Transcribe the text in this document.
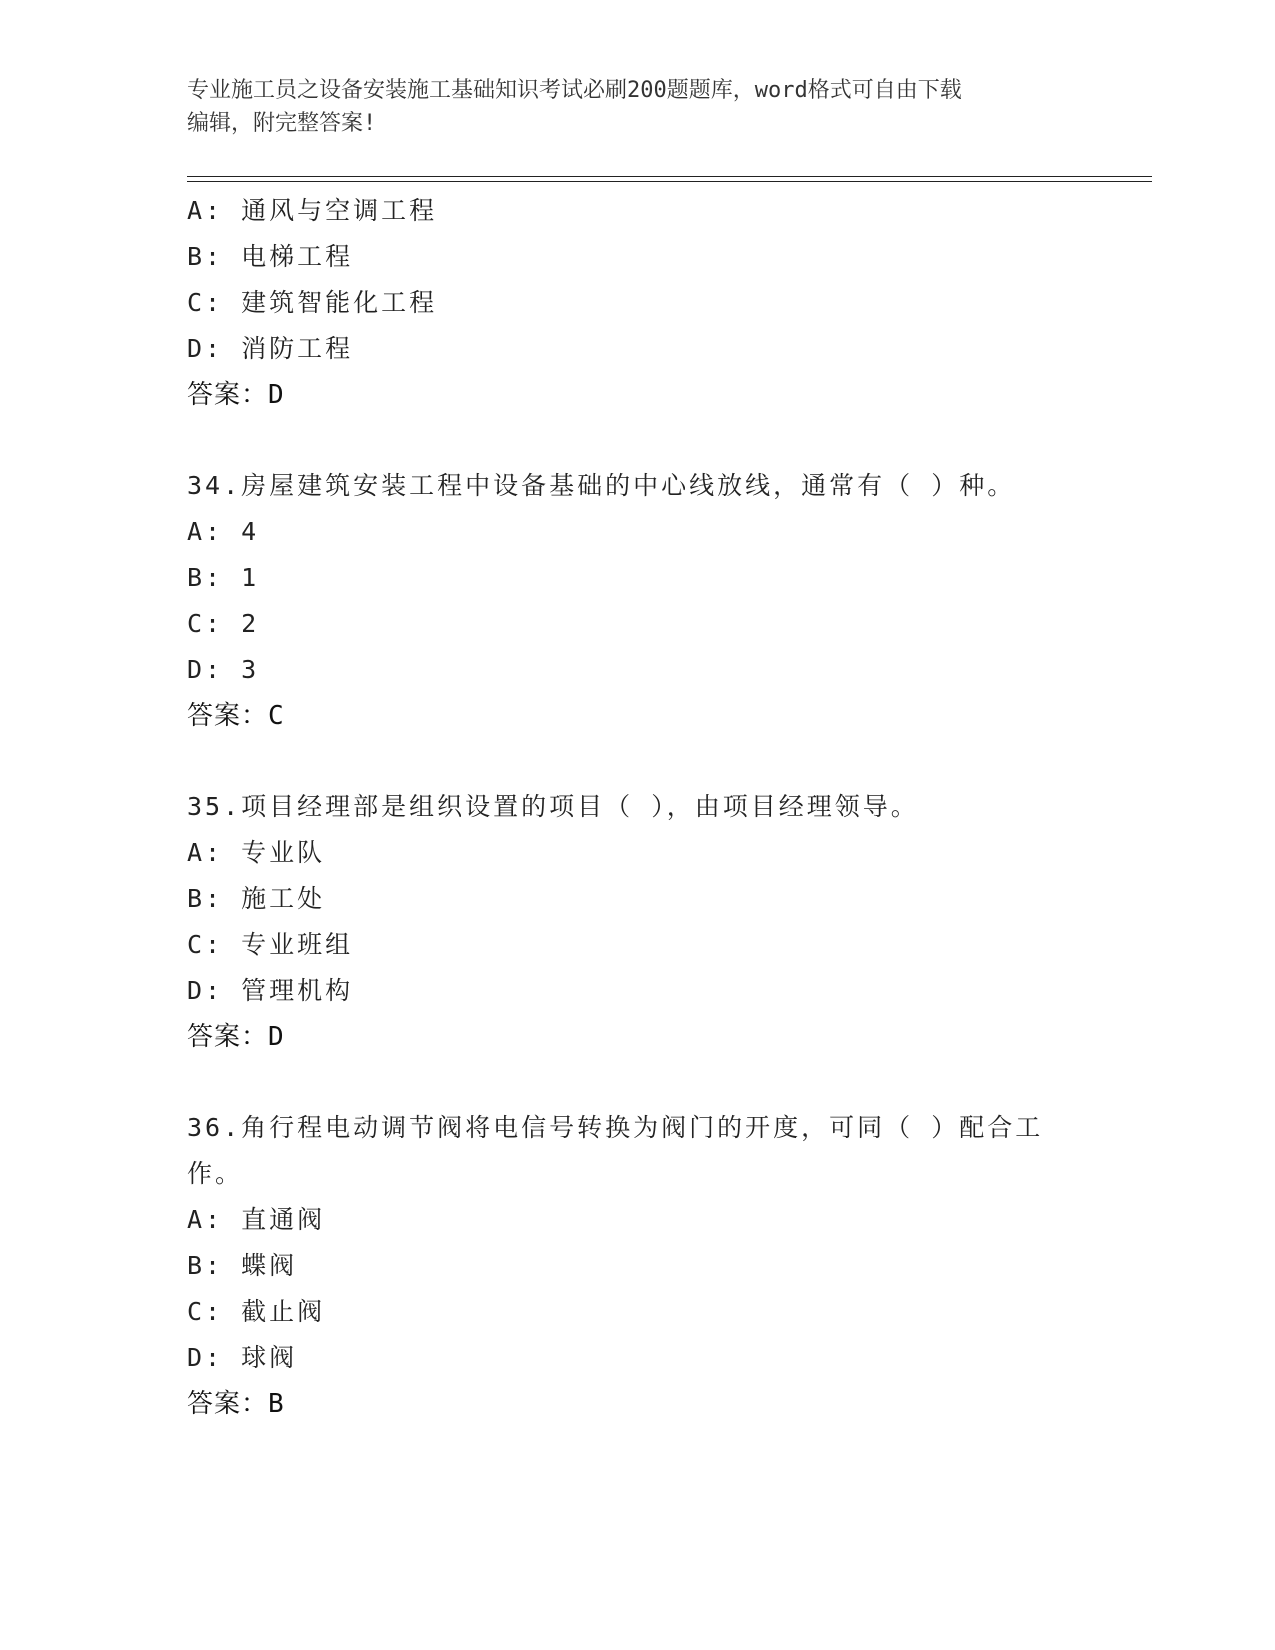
专业施工员之设备安装施工基础知识考试必刷200题题库，word格式可自由下载
编辑，附完整答案!
A: 通风与空调工程
B: 电梯工程
C: 建筑智能化工程
D: 消防工程
答案：D
34.房屋建筑安装工程中设备基础的中心线放线，通常有（ ）种。
A: 4
B: 1
C: 2
D: 3
答案：C
35.项目经理部是组织设置的项目（ ），由项目经理领导。
A: 专业队
B: 施工处
C: 专业班组
D: 管理机构
答案：D
36.角行程电动调节阀将电信号转换为阀门的开度，可同（ ）配合工
作。
A: 直通阀
B: 蝶阀
C: 截止阀
D: 球阀
答案：B
